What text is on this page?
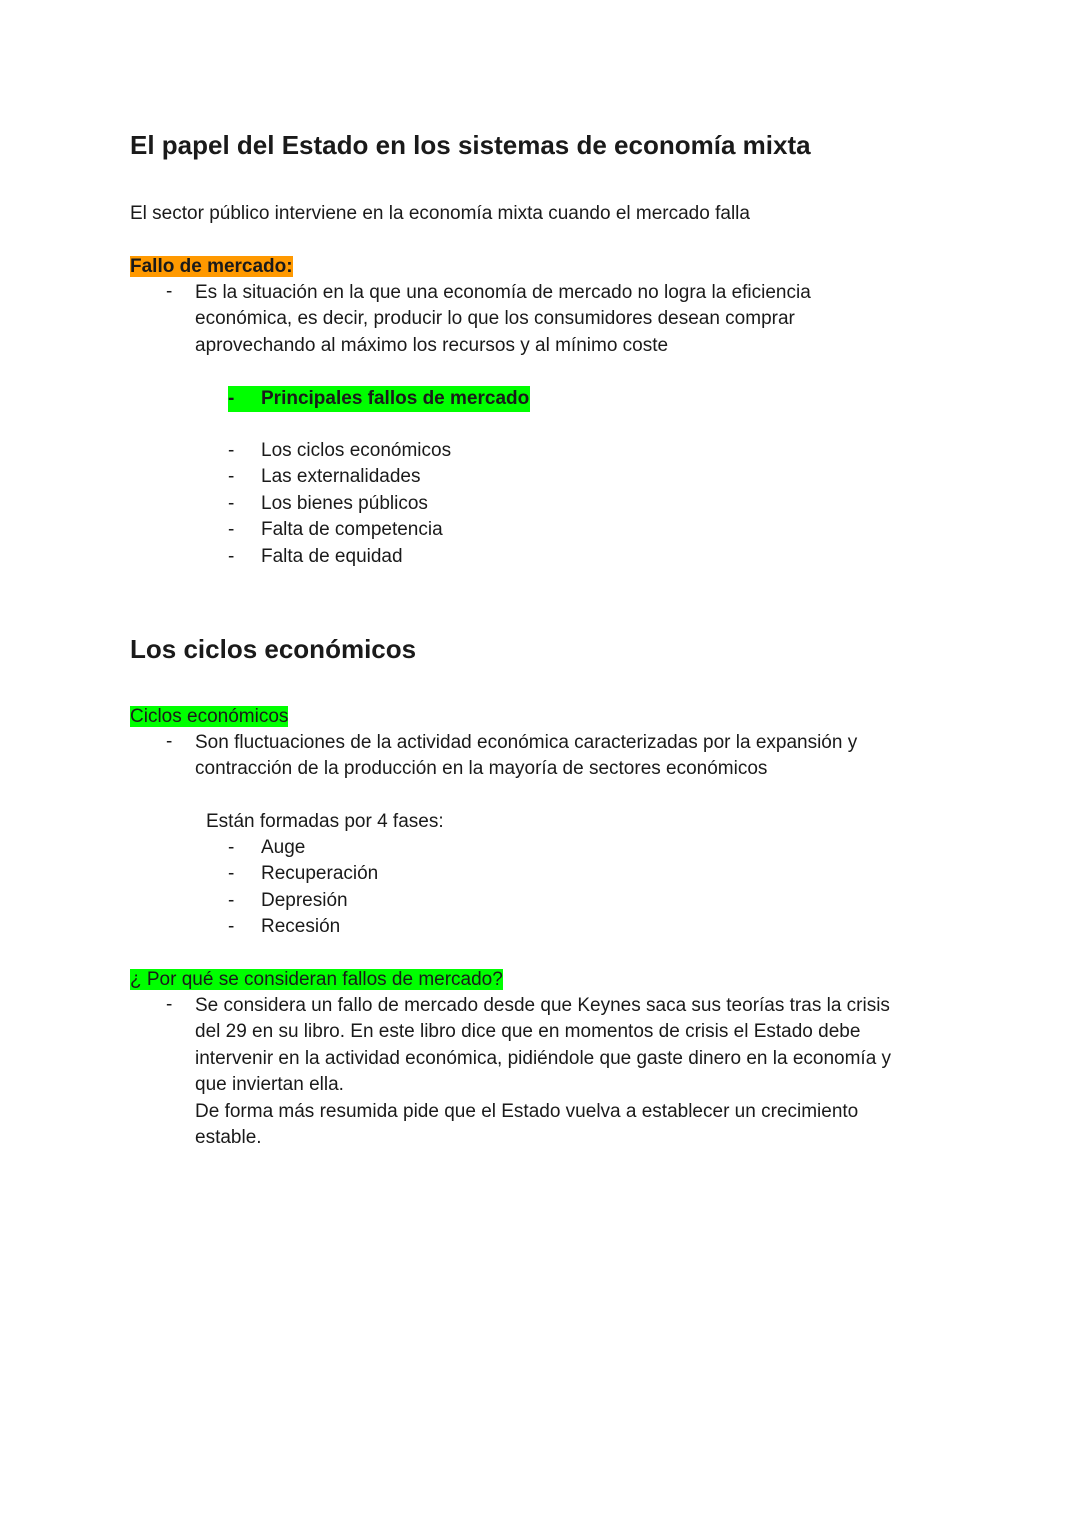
El papel del Estado en los sistemas de economía mixta
El sector público interviene en la economía mixta cuando el mercado falla
Fallo de mercado:
- Es la situación en la que una economía de mercado no logra la eficiencia
económica, es decir, producir lo que los consumidores desean comprar
aprovechando al máximo los recursos y al mínimo coste
- Principales fallos de mercado
- Los ciclos económicos
- Las externalidades
- Los bienes públicos
- Falta de competencia
- Falta de equidad
Los ciclos económicos
Ciclos económicos
- Son fluctuaciones de la actividad económica caracterizadas por la expansión y
contracción de la producción en la mayoría de sectores económicos
Están formadas por 4 fases:
- Auge
- Recuperación
- Depresión
- Recesión
¿ Por qué se consideran fallos de mercado?
- Se considera un fallo de mercado desde que Keynes saca sus teorías tras la crisis
del 29 en su libro. En este libro dice que en momentos de crisis el Estado debe
intervenir en la actividad económica, pidiéndole que gaste dinero en la economía y
que inviertan ella.
De forma más resumida pide que el Estado vuelva a establecer un crecimiento
estable.
